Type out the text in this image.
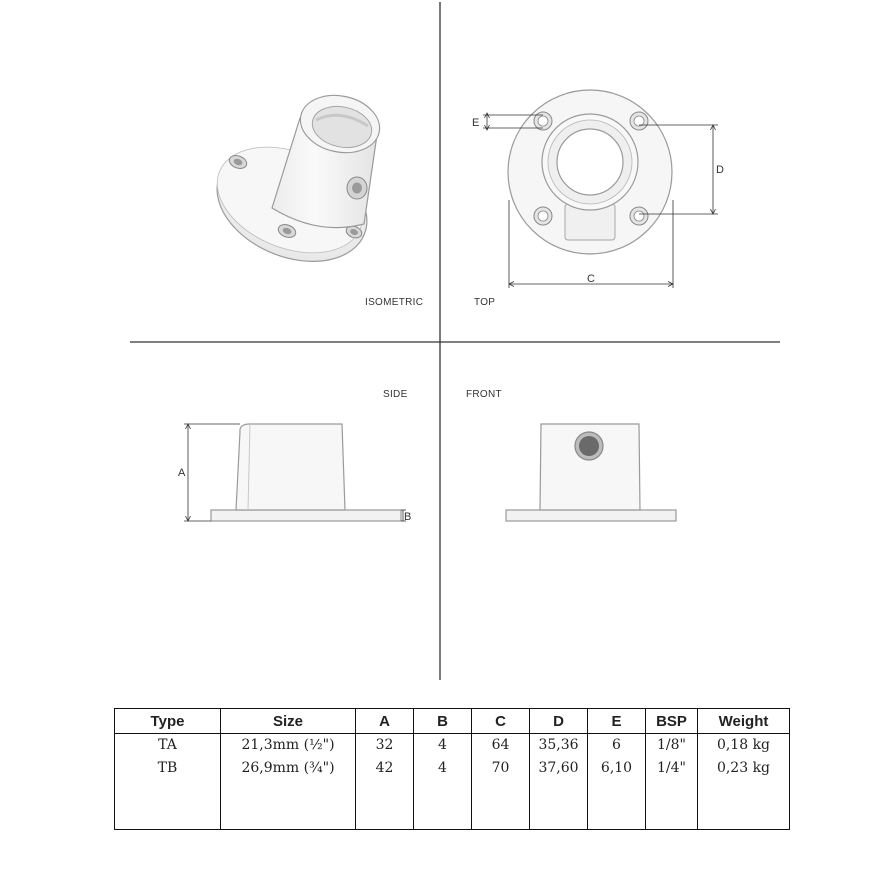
ISOMETRIC	TOP
SIDE	FRONT
E
D
C
A
B
Type	Size	A	B	C	D	E	BSP	Weight
TA	21,3mm (½")	32	4	64	35,36	6	1/8"	0,18 kg
TB	26,9mm (¾")	42	4	70	37,60	6,10	1/4"	0,23 kg
